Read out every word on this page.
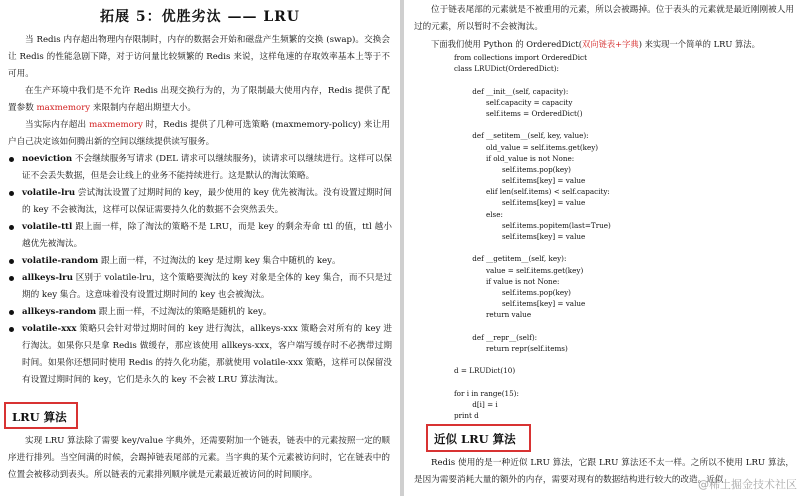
拓展 5：优胜劣汰 —— LRU
当 Redis 内存超出物理内存限制时，内存的数据会开始和磁盘产生频繁的交换 (swap)。交换会让 Redis 的性能急剧下降，对于访问量比较频繁的 Redis 来说，这样龟速的存取效率基本上等于不可用。
在生产环境中我们是不允许 Redis 出现交换行为的，为了限制最大使用内存，Redis 提供了配置参数 maxmemory 来限制内存超出期望大小。
当实际内存超出 maxmemory 时，Redis 提供了几种可选策略 (maxmemory-policy) 来让用户自己决定该如何腾出新的空间以继续提供读写服务。
noeviction 不会继续服务写请求 (DEL 请求可以继续服务)，读请求可以继续进行。这样可以保证不会丢失数据，但是会让线上的业务不能持续进行。这是默认的淘汰策略。
volatile-lru 尝试淘汰设置了过期时间的 key，最少使用的 key 优先被淘汰。没有设置过期时间的 key 不会被淘汰，这样可以保证需要持久化的数据不会突然丢失。
volatile-ttl 跟上面一样，除了淘汰的策略不是 LRU，而是 key 的剩余寿命 ttl 的值，ttl 越小越优先被淘汰。
volatile-random 跟上面一样，不过淘汰的 key 是过期 key 集合中随机的 key。
allkeys-lru 区别于 volatile-lru，这个策略要淘汰的 key 对象是全体的 key 集合，而不只是过期的 key 集合。这意味着没有设置过期时间的 key 也会被淘汰。
allkeys-random 跟上面一样，不过淘汰的策略是随机的 key。
volatile-xxx 策略只会针对带过期时间的 key 进行淘汰，allkeys-xxx 策略会对所有的 key 进行淘汰。如果你只是拿 Redis 做缓存，那应该使用 allkeys-xxx，客户端写缓存时不必携带过期时间。如果你还想同时使用 Redis 的持久化功能，那就使用 volatile-xxx 策略，这样可以保留没有设置过期时间的 key，它们是永久的 key 不会被 LRU 算法淘汰。
LRU 算法
实现 LRU 算法除了需要 key/value 字典外，还需要附加一个链表，链表中的元素按照一定的顺序进行排列。当空间满的时候，会踢掉链表尾部的元素。当字典的某个元素被访问时，它在链表中的位置会被移动到表头。所以链表的元素排列顺序就是元素最近被访问的时间顺序。
位于链表尾部的元素就是不被重用的元素，所以会被踢掉。位于表头的元素就是最近刚刚被人用过的元素，所以暂时不会被淘汰。
下面我们使用 Python 的 OrderedDict(双向链表+字典) 来实现一个简单的 LRU 算法。
from collections import OrderedDict
class LRUDict(OrderedDict):
def __init__(self, capacity):
self.capacity = capacity
self.items = OrderedDict()
def __setitem__(self, key, value):
old_value = self.items.get(key)
if old_value is not None:
self.items.pop(key)
self.items[key] = value
elif len(self.items) < self.capacity:
self.items[key] = value
else:
self.items.popitem(last=True)
self.items[key] = value
def __getitem__(self, key):
value = self.items.get(key)
if value is not None:
self.items.pop(key)
self.items[key] = value
return value
def __repr__(self):
return repr(self.items)
d = LRUDict(10)
for i in range(15):
d[i] = i
print d
近似 LRU 算法
Redis 使用的是一种近似 LRU 算法，它跟 LRU 算法还不太一样。之所以不使用 LRU 算法，是因为需要消耗大量的额外的内存，需要对现有的数据结构进行较大的改造。近似
@稀土掘金技术社区
